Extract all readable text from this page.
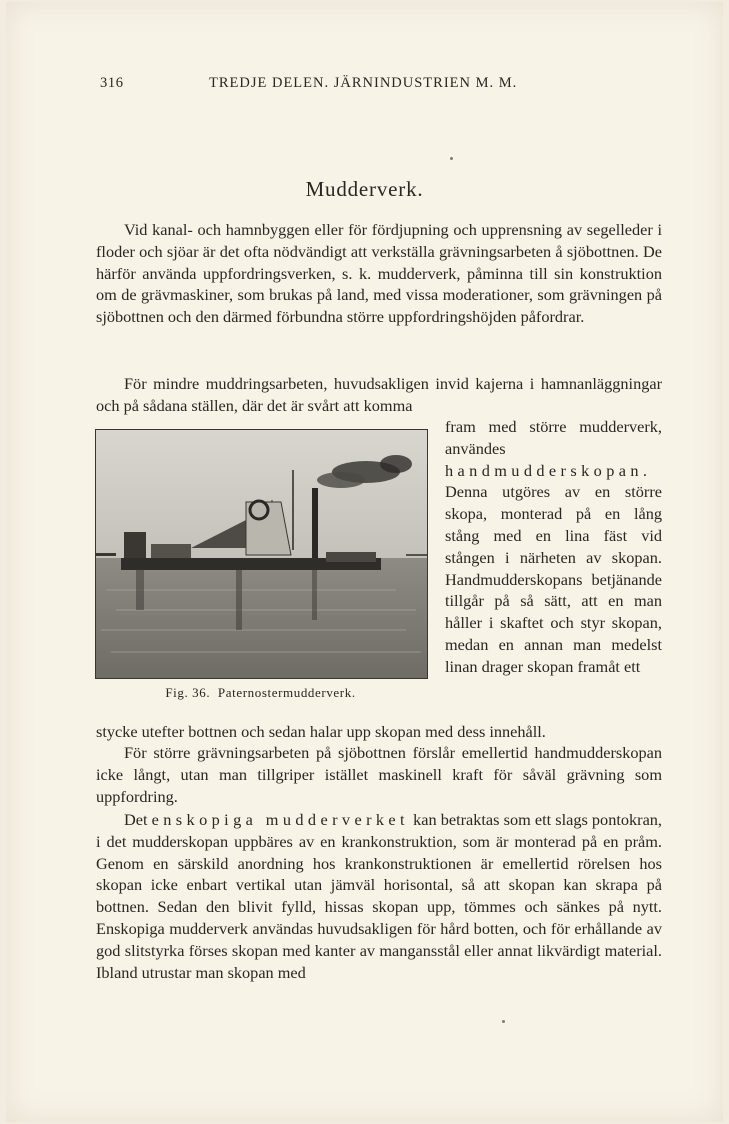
316	TREDJE DELEN. JÄRNINDUSTRIEN M. M.
Mudderverk.

Vid kanal- och hamnbyggen eller för fördjupning och upprensning av segelleder i floder och sjöar är det ofta nödvändigt att verkställa grävningsarbeten å sjöbottnen. De härför använda uppfordringsverken, s. k. mudderverk, påminna till sin konstruktion om de grävmaskiner, som brukas på land, med vissa moderationer, som grävningen på sjöbottnen och den därmed förbundna större uppfordringshöjden påfordrar.

För mindre muddringsarbeten, huvudsakligen invid kajerna i hamnanläggningar och på sådana ställen, där det är svårt att komma

fram med större mudderverk, användes handmudderskopan. Denna utgöres av en större skopa, monterad på en lång stång med en lina fäst vid stången i närheten av skopan. Handmudderskopans betjänande tillgår på så sätt, att en man håller i skaftet och styr skopan, medan en annan man medelst linan drager skopan framåt ett

Fig. 36. Paternostermudderverk.

stycke utefter bottnen och sedan halar upp skopan med dess innehåll.

För större grävningsarbeten på sjöbottnen förslår emellertid handmudderskopan icke långt, utan man tillgriper istället maskinell kraft för såväl grävning som uppfordring.

Det enskopiga mudderverket kan betraktas som ett slags pontokran, i det mudderskopan uppbäres av en krankonstruktion, som är monterad på en pråm. Genom en särskild anordning hos krankonstruktionen är emellertid rörelsen hos skopan icke enbart vertikal utan jämväl horisontal, så att skopan kan skrapa på bottnen. Sedan den blivit fylld, hissas skopan upp, tömmes och sänkes på nytt. Enskopiga mudderverk användas huvudsakligen för hård botten, och för erhållande av god slitstyrka förses skopan med kanter av mangansstål eller annat likvärdigt material. Ibland utrustar man skopan med
